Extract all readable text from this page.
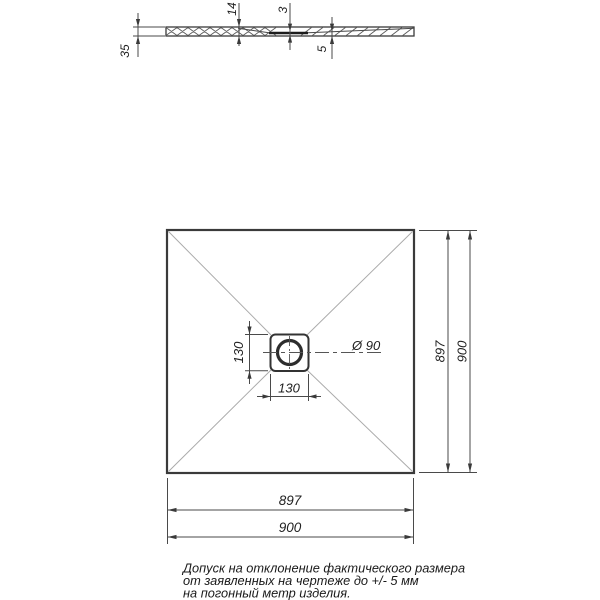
35
14	3
5
Ø 90
130
130
897 900
897
900
Допуск на отклонение фактического размера
от заявленных на чертеже до +/- 5 мм
на погонный метр изделия.
